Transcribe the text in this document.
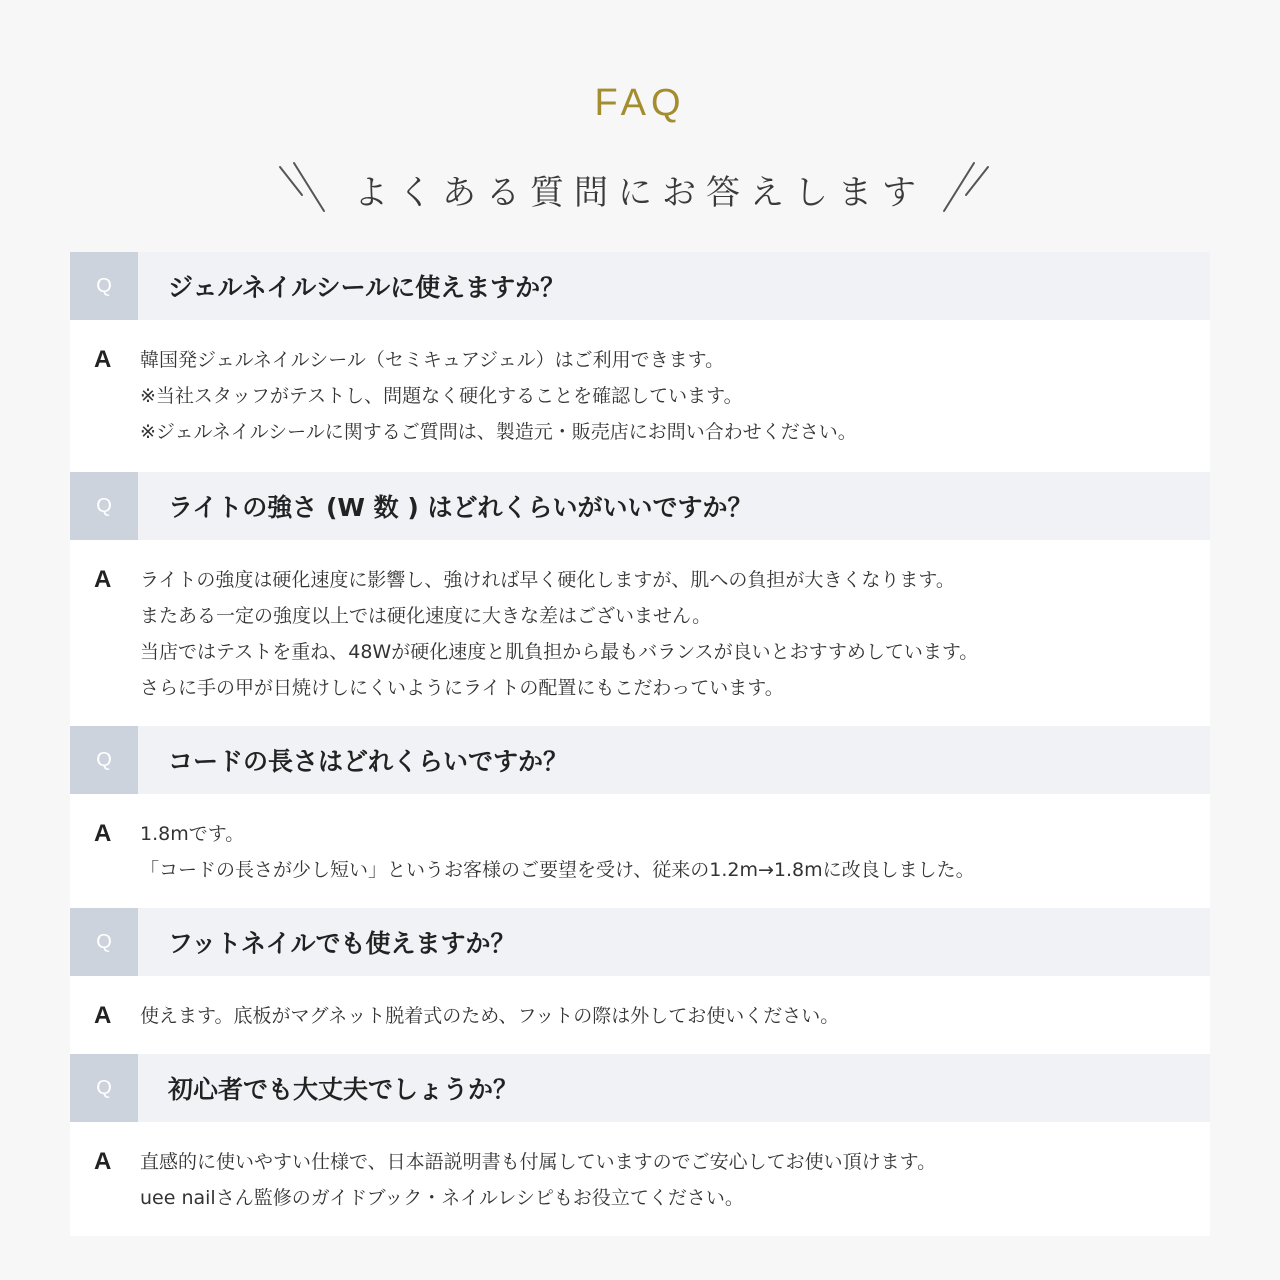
FAQ
よくある質問にお答えします
Q	ジェルネイルシールに使えますか？
A 韓国発ジェルネイルシール（セミキュアジェル）はご利用できます。
※当社スタッフがテストし、問題なく硬化することを確認しています。
※ジェルネイルシールに関するご質問は、製造元・販売店にお問い合わせください。

Q	ライトの強さ (W 数 ) はどれくらいがいいですか？
A ライトの強度は硬化速度に影響し、強ければ早く硬化しますが、肌への負担が大きくなります。
またある一定の強度以上では硬化速度に大きな差はございません。
当店ではテストを重ね、48Wが硬化速度と肌負担から最もバランスが良いとおすすめしています。
さらに手の甲が日焼けしにくいようにライトの配置にもこだわっています。

Q	コードの長さはどれくらいですか？
A 1.8mです。
「コードの長さが少し短い」というお客様のご要望を受け、従来の1.2m→1.8mに改良しました。

Q	フットネイルでも使えますか？
A 使えます。底板がマグネット脱着式のため、フットの際は外してお使いください。

Q	初心者でも大丈夫でしょうか？
A 直感的に使いやすい仕様で、日本語説明書も付属していますのでご安心してお使い頂けます。
uee nailさん監修のガイドブック・ネイルレシピもお役立てください。
